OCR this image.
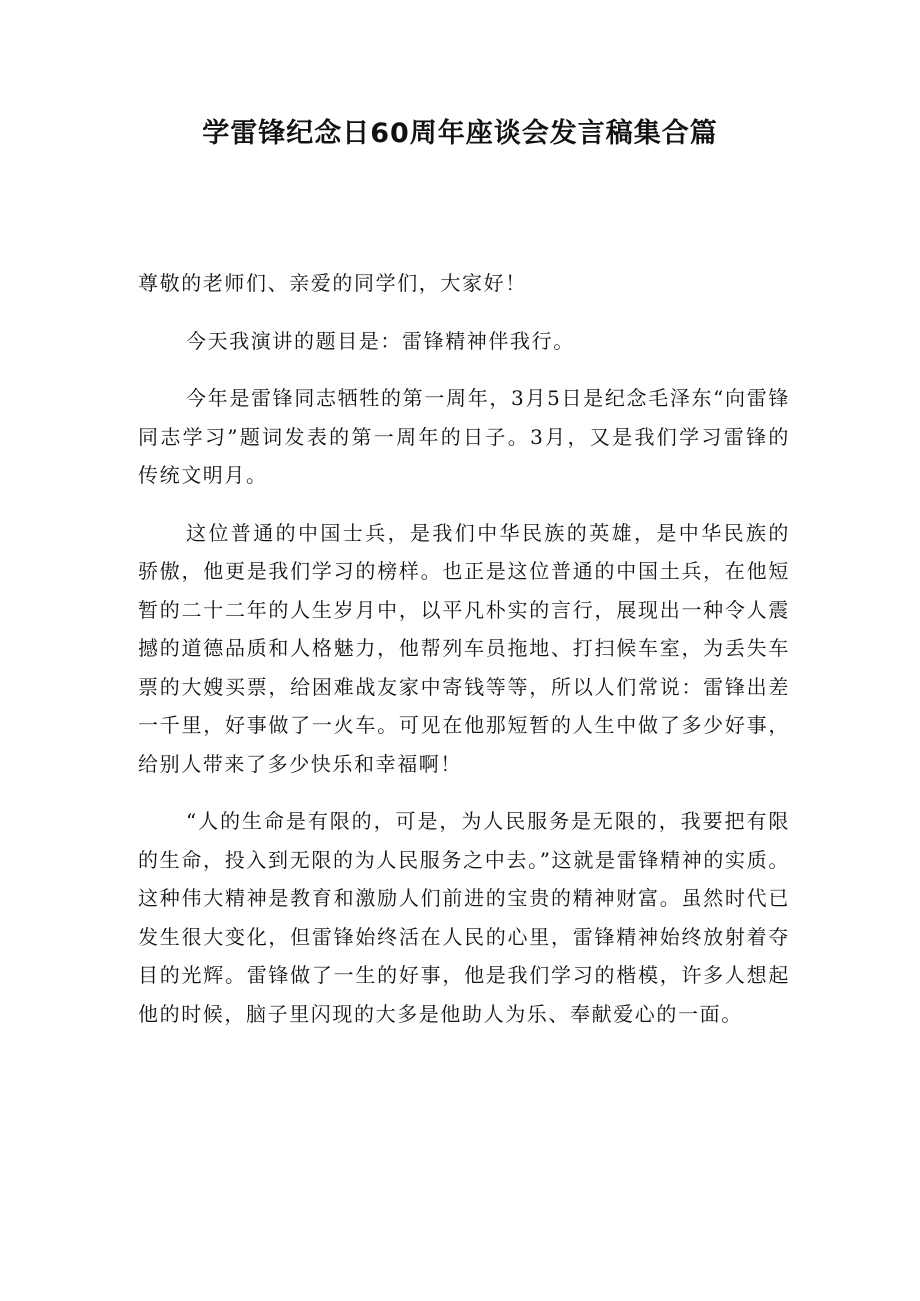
学雷锋纪念日60周年座谈会发言稿集合篇

尊敬的老师们、亲爱的同学们，大家好！

今天我演讲的题目是：雷锋精神伴我行。

今年是雷锋同志牺牲的第一周年，3月5日是纪念毛泽东“向雷锋同志学习”题词发表的第一周年的日子。3月，又是我们学习雷锋的传统文明月。

这位普通的中国士兵，是我们中华民族的英雄，是中华民族的骄傲，他更是我们学习的榜样。也正是这位普通的中国土兵，在他短暂的二十二年的人生岁月中，以平凡朴实的言行，展现出一种令人震撼的道德品质和人格魅力，他帮列车员拖地、打扫候车室，为丢失车票的大嫂买票，给困难战友家中寄钱等等，所以人们常说：雷锋出差一千里，好事做了一火车。可见在他那短暂的人生中做了多少好事，给别人带来了多少快乐和幸福啊！

“人的生命是有限的，可是，为人民服务是无限的，我要把有限的生命，投入到无限的为人民服务之中去。”这就是雷锋精神的实质。这种伟大精神是教育和激励人们前进的宝贵的精神财富。虽然时代已发生很大变化，但雷锋始终活在人民的心里，雷锋精神始终放射着夺目的光辉。雷锋做了一生的好事，他是我们学习的楷模，许多人想起他的时候，脑子里闪现的大多是他助人为乐、奉献爱心的一面。
